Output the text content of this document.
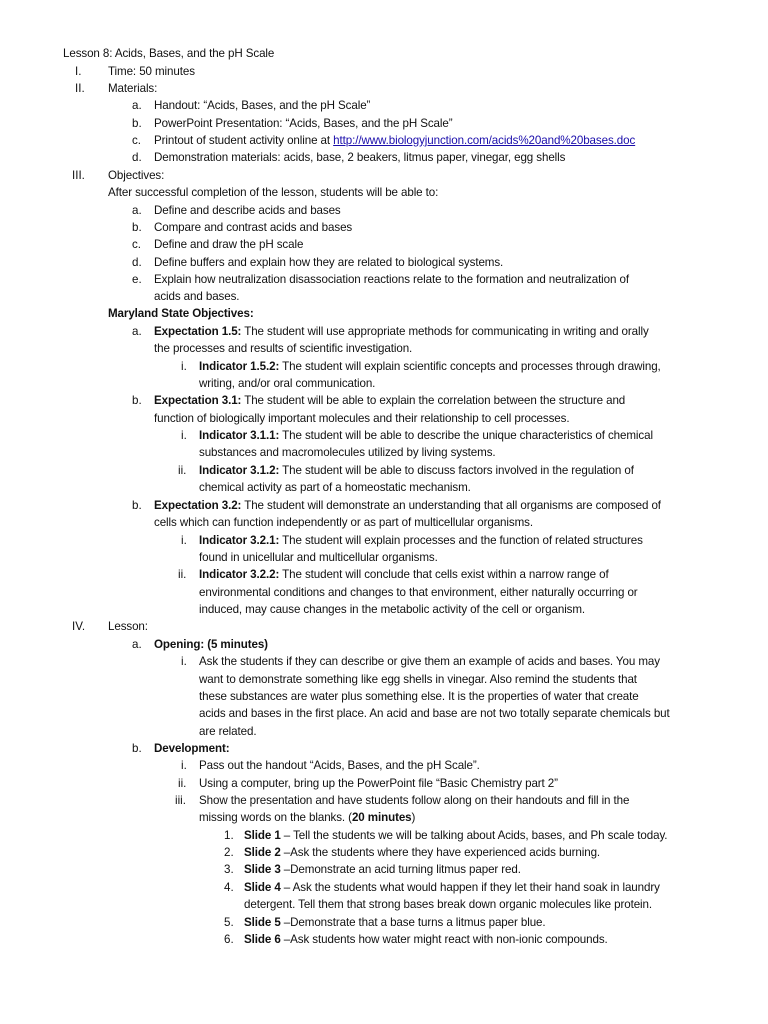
Lesson 8: Acids, Bases, and the pH Scale
I. Time: 50 minutes
II. Materials:
a. Handout: “Acids, Bases, and the pH Scale”
b. PowerPoint Presentation: “Acids, Bases, and the pH Scale”
c. Printout of student activity online at http://www.biologyjunction.com/acids%20and%20bases.doc
d. Demonstration materials: acids, base, 2 beakers, litmus paper, vinegar, egg shells
III. Objectives:
After successful completion of the lesson, students will be able to:
a. Define and describe acids and bases
b. Compare and contrast acids and bases
c. Define and draw the pH scale
d. Define buffers and explain how they are related to biological systems.
e. Explain how neutralization disassociation reactions relate to the formation and neutralization of
acids and bases.
Maryland State Objectives:
a. Expectation 1.5: The student will use appropriate methods for communicating in writing and orally
the processes and results of scientific investigation.
i. Indicator 1.5.2: The student will explain scientific concepts and processes through drawing,
writing, and/or oral communication.
b. Expectation 3.1: The student will be able to explain the correlation between the structure and
function of biologically important molecules and their relationship to cell processes.
i. Indicator 3.1.1: The student will be able to describe the unique characteristics of chemical
substances and macromolecules utilized by living systems.
ii. Indicator 3.1.2: The student will be able to discuss factors involved in the regulation of
chemical activity as part of a homeostatic mechanism.
b. Expectation 3.2: The student will demonstrate an understanding that all organisms are composed of
cells which can function independently or as part of multicellular organisms.
i. Indicator 3.2.1: The student will explain processes and the function of related structures
found in unicellular and multicellular organisms.
ii. Indicator 3.2.2: The student will conclude that cells exist within a narrow range of
environmental conditions and changes to that environment, either naturally occurring or
induced, may cause changes in the metabolic activity of the cell or organism.
IV. Lesson:
a. Opening: (5 minutes)
i. Ask the students if they can describe or give them an example of acids and bases. You may
want to demonstrate something like egg shells in vinegar. Also remind the students that
these substances are water plus something else. It is the properties of water that create
acids and bases in the first place. An acid and base are not two totally separate chemicals but
are related.
b. Development:
i. Pass out the handout “Acids, Bases, and the pH Scale”.
ii. Using a computer, bring up the PowerPoint file “Basic Chemistry part 2”
iii. Show the presentation and have students follow along on their handouts and fill in the
missing words on the blanks. (20 minutes)
1. Slide 1 – Tell the students we will be talking about Acids, bases, and Ph scale today.
2. Slide 2 –Ask the students where they have experienced acids burning.
3. Slide 3 –Demonstrate an acid turning litmus paper red.
4. Slide 4 – Ask the students what would happen if they let their hand soak in laundry
detergent. Tell them that strong bases break down organic molecules like protein.
5. Slide 5 –Demonstrate that a base turns a litmus paper blue.
6. Slide 6 –Ask students how water might react with non-ionic compounds.
